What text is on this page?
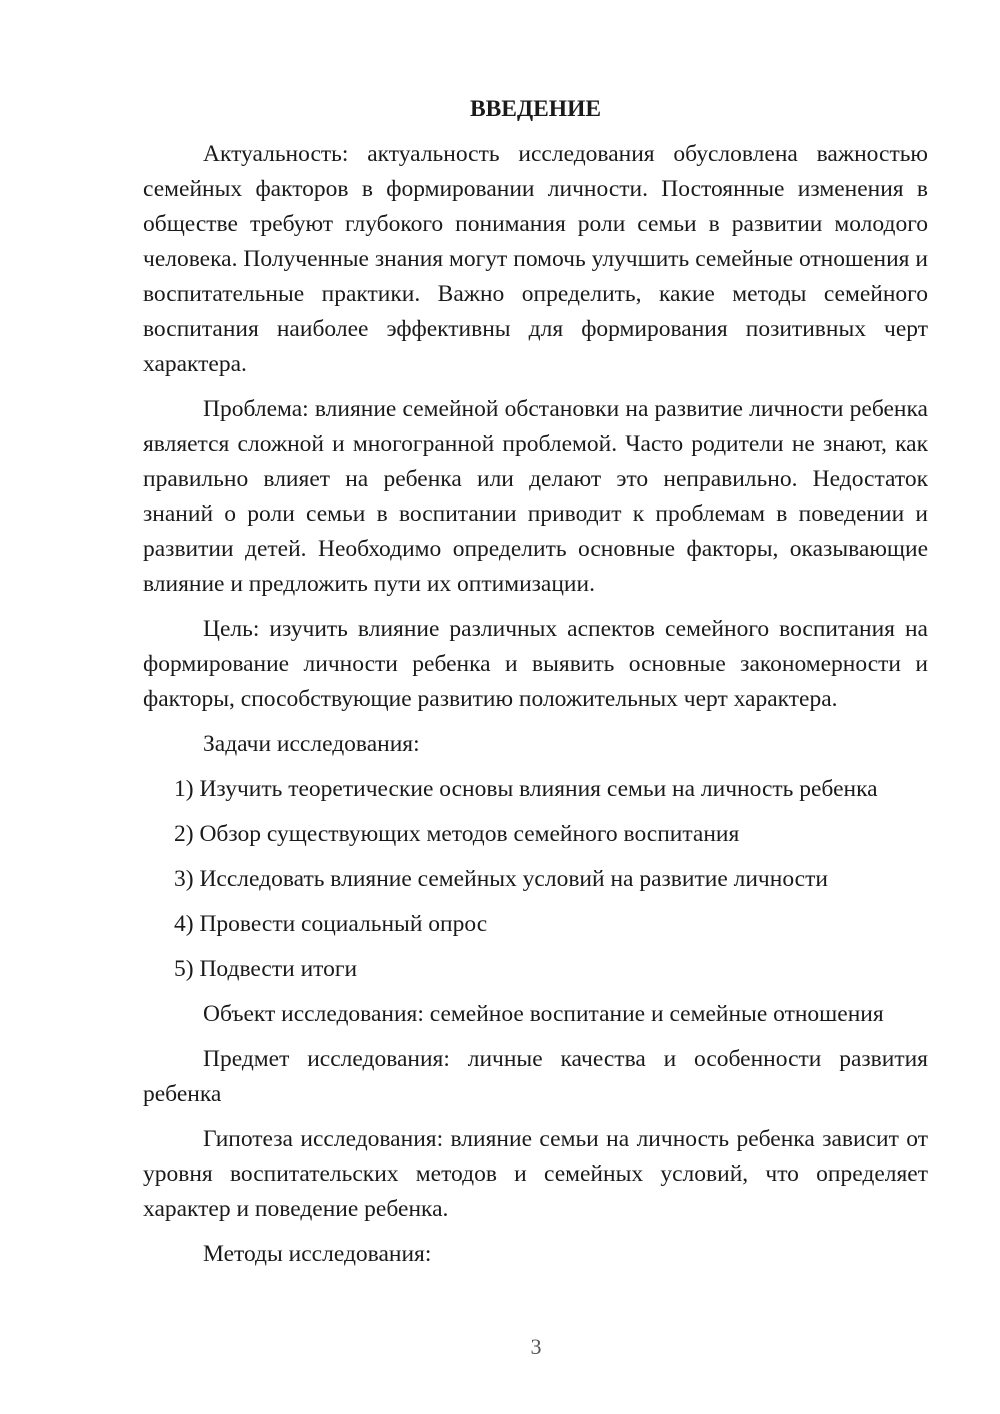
ВВЕДЕНИЕ

Актуальность: актуальность исследования обусловлена важностью семейных факторов в формировании личности. Постоянные изменения в обществе требуют глубокого понимания роли семьи в развитии молодого человека. Полученные знания могут помочь улучшить семейные отношения и воспитательные практики. Важно определить, какие методы семейного воспитания наиболее эффективны для формирования позитивных черт характера.

Проблема: влияние семейной обстановки на развитие личности ребенка является сложной и многогранной проблемой. Часто родители не знают, как правильно влияет на ребенка или делают это неправильно. Недостаток знаний о роли семьи в воспитании приводит к проблемам в поведении и развитии детей. Необходимо определить основные факторы, оказывающие влияние и предложить пути их оптимизации.

Цель: изучить влияние различных аспектов семейного воспитания на формирование личности ребенка и выявить основные закономерности и факторы, способствующие развитию положительных черт характера.

Задачи исследования:

1) Изучить теоретические основы влияния семьи на личность ребенка

2) Обзор существующих методов семейного воспитания

3) Исследовать влияние семейных условий на развитие личности

4) Провести социальный опрос

5) Подвести итоги

Объект исследования: семейное воспитание и семейные отношения

Предмет исследования: личные качества и особенности развития ребенка

Гипотеза исследования: влияние семьи на личность ребенка зависит от уровня воспитательских методов и семейных условий, что определяет характер и поведение ребенка.

Методы исследования:

3
